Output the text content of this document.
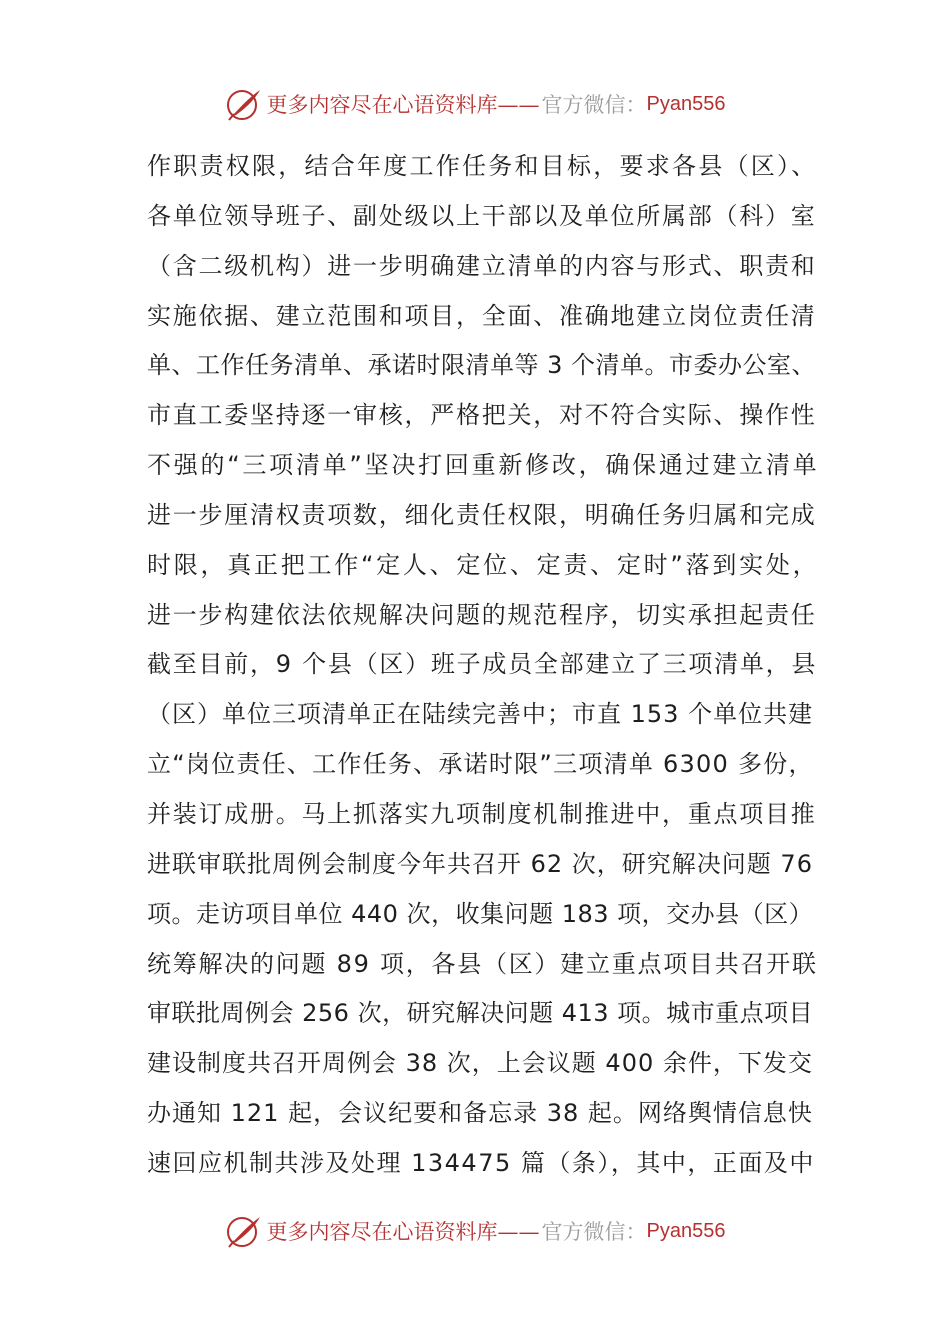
更多内容尽在心语资料库—— 官方微信： Pyan556
作职责权限，结合年度工作任务和目标，要求各县（区）、
各单位领导班子、副处级以上干部以及单位所属部（科）室
（含二级机构）进一步明确建立清单的内容与形式、职责和
实施依据、建立范围和项目，全面、准确地建立岗位责任清
单、工作任务清单、承诺时限清单等 3 个清单。市委办公室、
市直工委坚持逐一审核，严格把关，对不符合实际、操作性
不强的“三项清单”坚决打回重新修改，确保通过建立清单
进一步厘清权责项数，细化责任权限，明确任务归属和完成
时限，真正把工作“定人、定位、定责、定时”落到实处，
进一步构建依法依规解决问题的规范程序，切实承担起责任
截至目前，9 个县（区）班子成员全部建立了三项清单，县
（区）单位三项清单正在陆续完善中；市直 153 个单位共建
立“岗位责任、工作任务、承诺时限”三项清单 6300 多份，
并装订成册。马上抓落实九项制度机制推进中，重点项目推
进联审联批周例会制度今年共召开 62 次，研究解决问题 76
项。走访项目单位 440 次，收集问题 183 项，交办县（区）
统筹解决的问题 89 项，各县（区）建立重点项目共召开联
审联批周例会 256 次，研究解决问题 413 项。城市重点项目
建设制度共召开周例会 38 次，上会议题 400 余件，下发交
办通知 121 起，会议纪要和备忘录 38 起。网络舆情信息快
速回应机制共涉及处理 134475 篇（条），其中，正面及中
更多内容尽在心语资料库—— 官方微信： Pyan556
